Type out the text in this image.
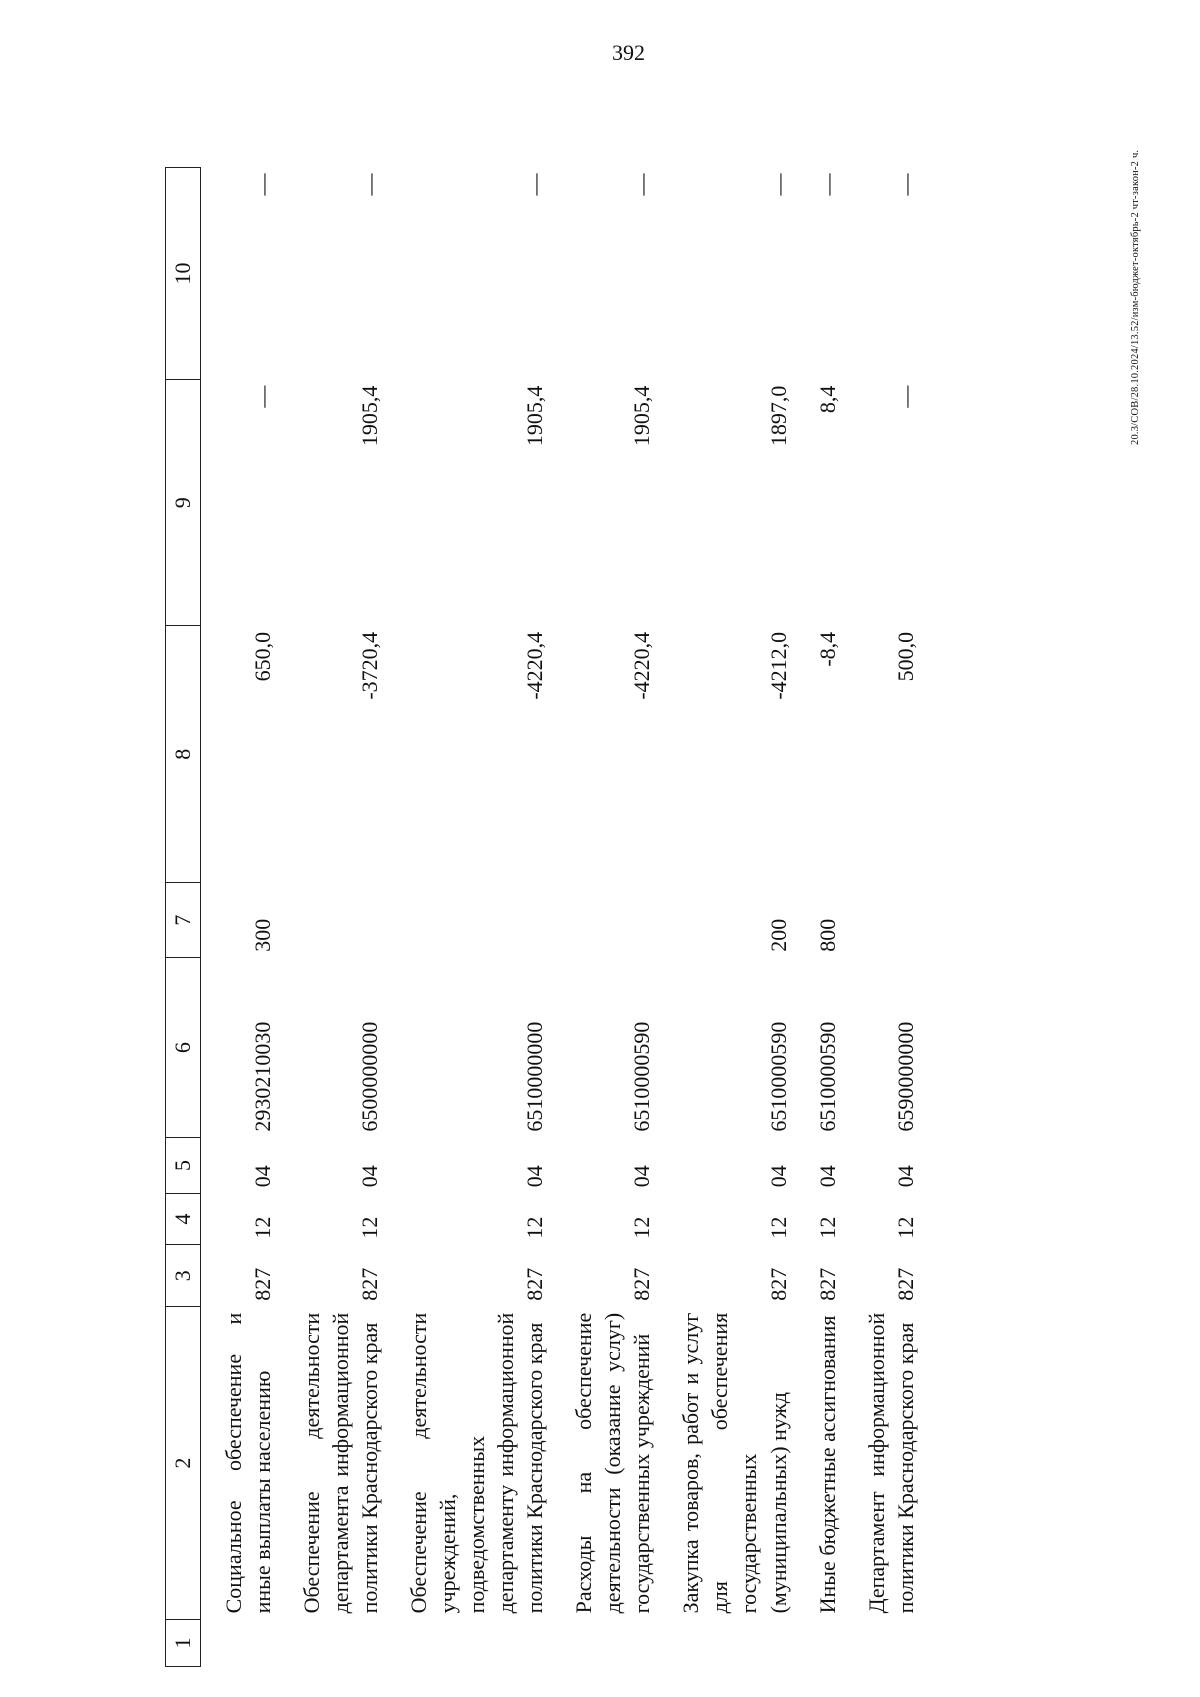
392
1	2	3	4	5	6	7	8	9	10
	Социальное обеспечение и иные выплаты населению	827	12	04	2930210030	300	650,0	—	—
	Обеспечение деятельности департамента информационной политики Краснодарского края	827	12	04	6500000000		-3720,4	1905,4	—
	Обеспечение деятельности учреждений, подведомственных департаменту информационной политики Краснодарского края	827	12	04	6510000000		-4220,4	1905,4	—
	Расходы на обеспечение деятельности (оказание услуг) государственных учреждений	827	12	04	6510000590		-4220,4	1905,4	—
	Закупка товаров, работ и услуг для обеспечения государственных (муниципальных) нужд	827	12	04	6510000590	200	-4212,0	1897,0	—
	Иные бюджетные ассигнования	827	12	04	6510000590	800	-8,4	8,4	—
	Департамент информационной политики Краснодарского края	827	12	04	6590000000		500,0	—	—	20.3/СОВ/28.10.2024/13.52/изм-бюджет-октябрь-2 чт-закон-2 ч.
